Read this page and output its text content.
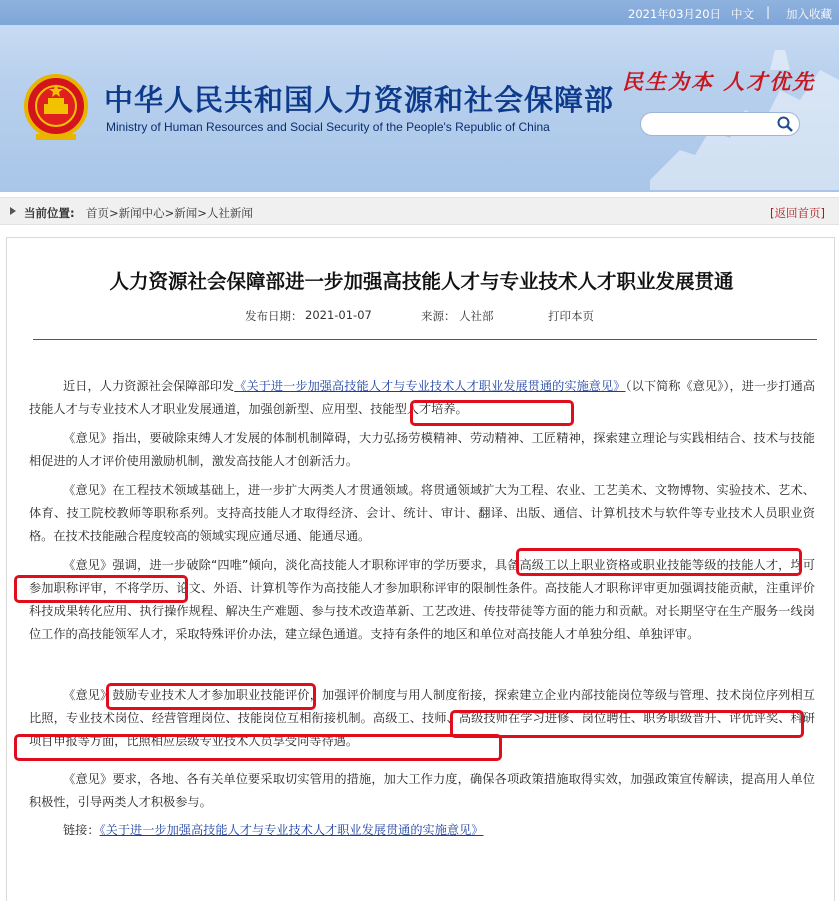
2021年03月20日 中文 | 加入收藏
中华人民共和国人力资源和社会保障部
Ministry of Human Resources and Social Security of the People's Republic of China
民生为本 人才优先
当前位置: 首页>新闻中心>新闻>人社新闻	[返回首页]
人力资源社会保障部进一步加强高技能人才与专业技术人才职业发展贯通
发布日期： 2021-01-07	来源： 人社部	打印本页
近日，人力资源社会保障部印发《关于进一步加强高技能人才与专业技术人才职业发展贯通的实施意见》（以下简称《意见》），进一步打通高技能人才与专业技术人才职业发展通道，加强创新型、应用型、技能型人才培养。
《意见》指出，要破除束缚人才发展的体制机制障碍，大力弘扬劳模精神、劳动精神、工匠精神，探索建立理论与实践相结合、技术与技能相促进的人才评价使用激励机制，激发高技能人才创新活力。
《意见》在工程技术领域基础上，进一步扩大两类人才贯通领域。将贯通领域扩大为工程、农业、工艺美术、文物博物、实验技术、艺术、体育、技工院校教师等职称系列。支持高技能人才取得经济、会计、统计、审计、翻译、出版、通信、计算机技术与软件等专业技术人员职业资格。在技术技能融合程度较高的领域实现应通尽通、能通尽通。
《意见》强调，进一步破除“四唯”倾向，淡化高技能人才职称评审的学历要求，具备高级工以上职业资格或职业技能等级的技能人才，均可参加职称评审，不将学历、论文、外语、计算机等作为高技能人才参加职称评审的限制性条件。高技能人才职称评审更加强调技能贡献，注重评价科技成果转化应用、执行操作规程、解决生产难题、参与技术改造革新、工艺改进、传技带徒等方面的能力和贡献。对长期坚守在生产服务一线岗位工作的高技能领军人才，采取特殊评价办法，建立绿色通道。支持有条件的地区和单位对高技能人才单独分组、单独评审。
《意见》鼓励专业技术人才参加职业技能评价，加强评价制度与用人制度衔接，探索建立企业内部技能岗位等级与管理、技术岗位序列相互比照，专业技术岗位、经营管理岗位、技能岗位互相衔接机制。高级工、技师、高级技师在学习进修、岗位聘任、职务职级晋升、评优评奖、科研项目申报等方面，比照相应层级专业技术人员享受同等待遇。
《意见》要求，各地、各有关单位要采取切实管用的措施，加大工作力度，确保各项政策措施取得实效，加强政策宣传解读，提高用人单位积极性，引导两类人才积极参与。
链接：《关于进一步加强高技能人才与专业技术人才职业发展贯通的实施意见》
